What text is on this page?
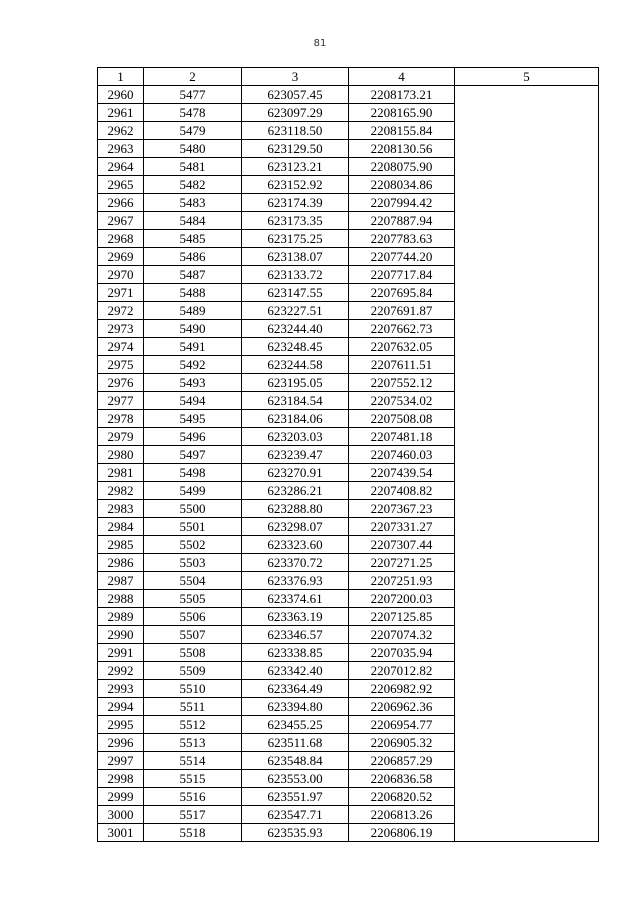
81
1	2	3	4	5
2960	5477	623057.45	2208173.21	
2961	5478	623097.29	2208165.90	
2962	5479	623118.50	2208155.84	
2963	5480	623129.50	2208130.56	
2964	5481	623123.21	2208075.90	
2965	5482	623152.92	2208034.86	
2966	5483	623174.39	2207994.42	
2967	5484	623173.35	2207887.94	
2968	5485	623175.25	2207783.63	
2969	5486	623138.07	2207744.20	
2970	5487	623133.72	2207717.84	
2971	5488	623147.55	2207695.84	
2972	5489	623227.51	2207691.87	
2973	5490	623244.40	2207662.73	
2974	5491	623248.45	2207632.05	
2975	5492	623244.58	2207611.51	
2976	5493	623195.05	2207552.12	
2977	5494	623184.54	2207534.02	
2978	5495	623184.06	2207508.08	
2979	5496	623203.03	2207481.18	
2980	5497	623239.47	2207460.03	
2981	5498	623270.91	2207439.54	
2982	5499	623286.21	2207408.82	
2983	5500	623288.80	2207367.23	
2984	5501	623298.07	2207331.27	
2985	5502	623323.60	2207307.44	
2986	5503	623370.72	2207271.25	
2987	5504	623376.93	2207251.93	
2988	5505	623374.61	2207200.03	
2989	5506	623363.19	2207125.85	
2990	5507	623346.57	2207074.32	
2991	5508	623338.85	2207035.94	
2992	5509	623342.40	2207012.82	
2993	5510	623364.49	2206982.92	
2994	5511	623394.80	2206962.36	
2995	5512	623455.25	2206954.77	
2996	5513	623511.68	2206905.32	
2997	5514	623548.84	2206857.29	
2998	5515	623553.00	2206836.58	
2999	5516	623551.97	2206820.52	
3000	5517	623547.71	2206813.26	
3001	5518	623535.93	2206806.19	
